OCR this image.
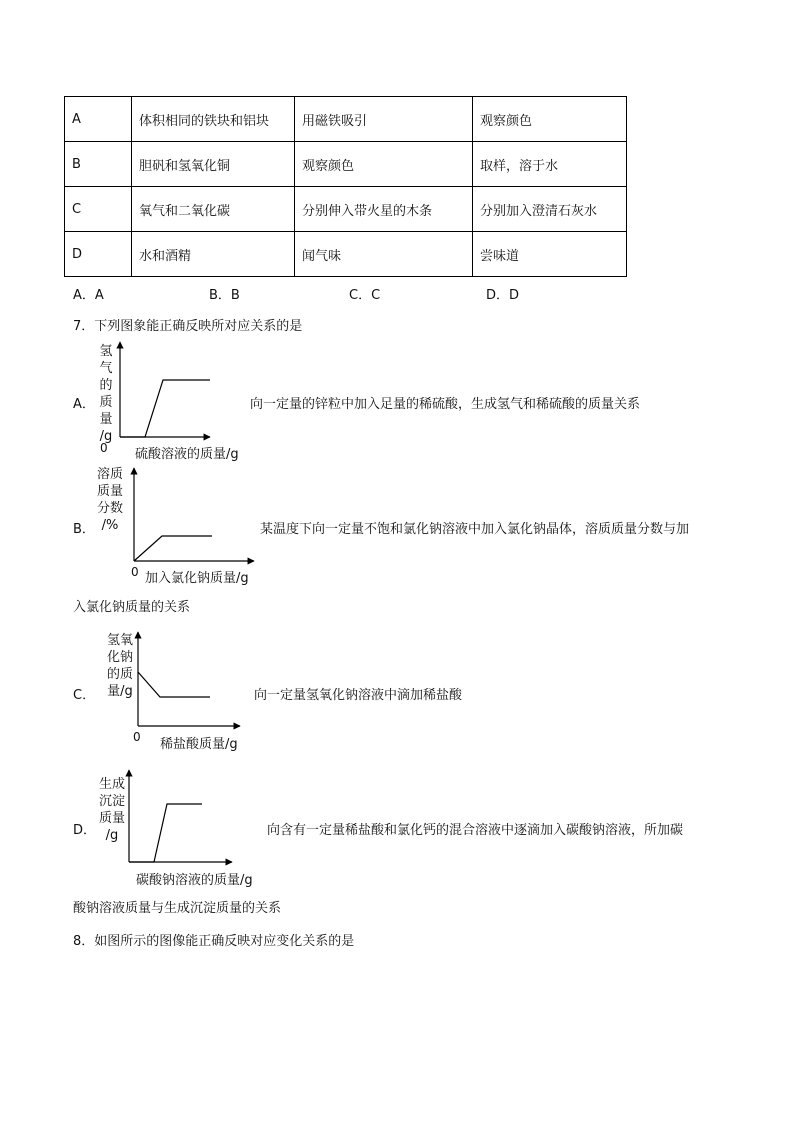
A	体积相同的铁块和铝块	用磁铁吸引	观察颜色
B	胆矾和氢氧化铜	观察颜色	取样，溶于水
C	氧气和二氧化碳	分别伸入带火星的木条	分别加入澄清石灰水
D	水和酒精	闻气味	尝味道
A．A	B．B	C．C	D．D
7．下列图象能正确反映所对应关系的是
A．
氢
气
的
质
量
/g
0 硫酸溶液的质量/g
向一定量的锌粒中加入足量的稀硫酸，生成氢气和稀硫酸的质量关系
B．
溶质
质量
分数
/%
0 加入氯化钠质量/g
某温度下向一定量不饱和氯化钠溶液中加入氯化钠晶体，溶质质量分数与加
入氯化钠质量的关系
C．
氢氧
化钠
的质
量/g
0 稀盐酸质量/g
向一定量氢氧化钠溶液中滴加稀盐酸
D．
生成
沉淀
质量
/g
碳酸钠溶液的质量/g
向含有一定量稀盐酸和氯化钙的混合溶液中逐滴加入碳酸钠溶液，所加碳
酸钠溶液质量与生成沉淀质量的关系
8．如图所示的图像能正确反映对应变化关系的是
